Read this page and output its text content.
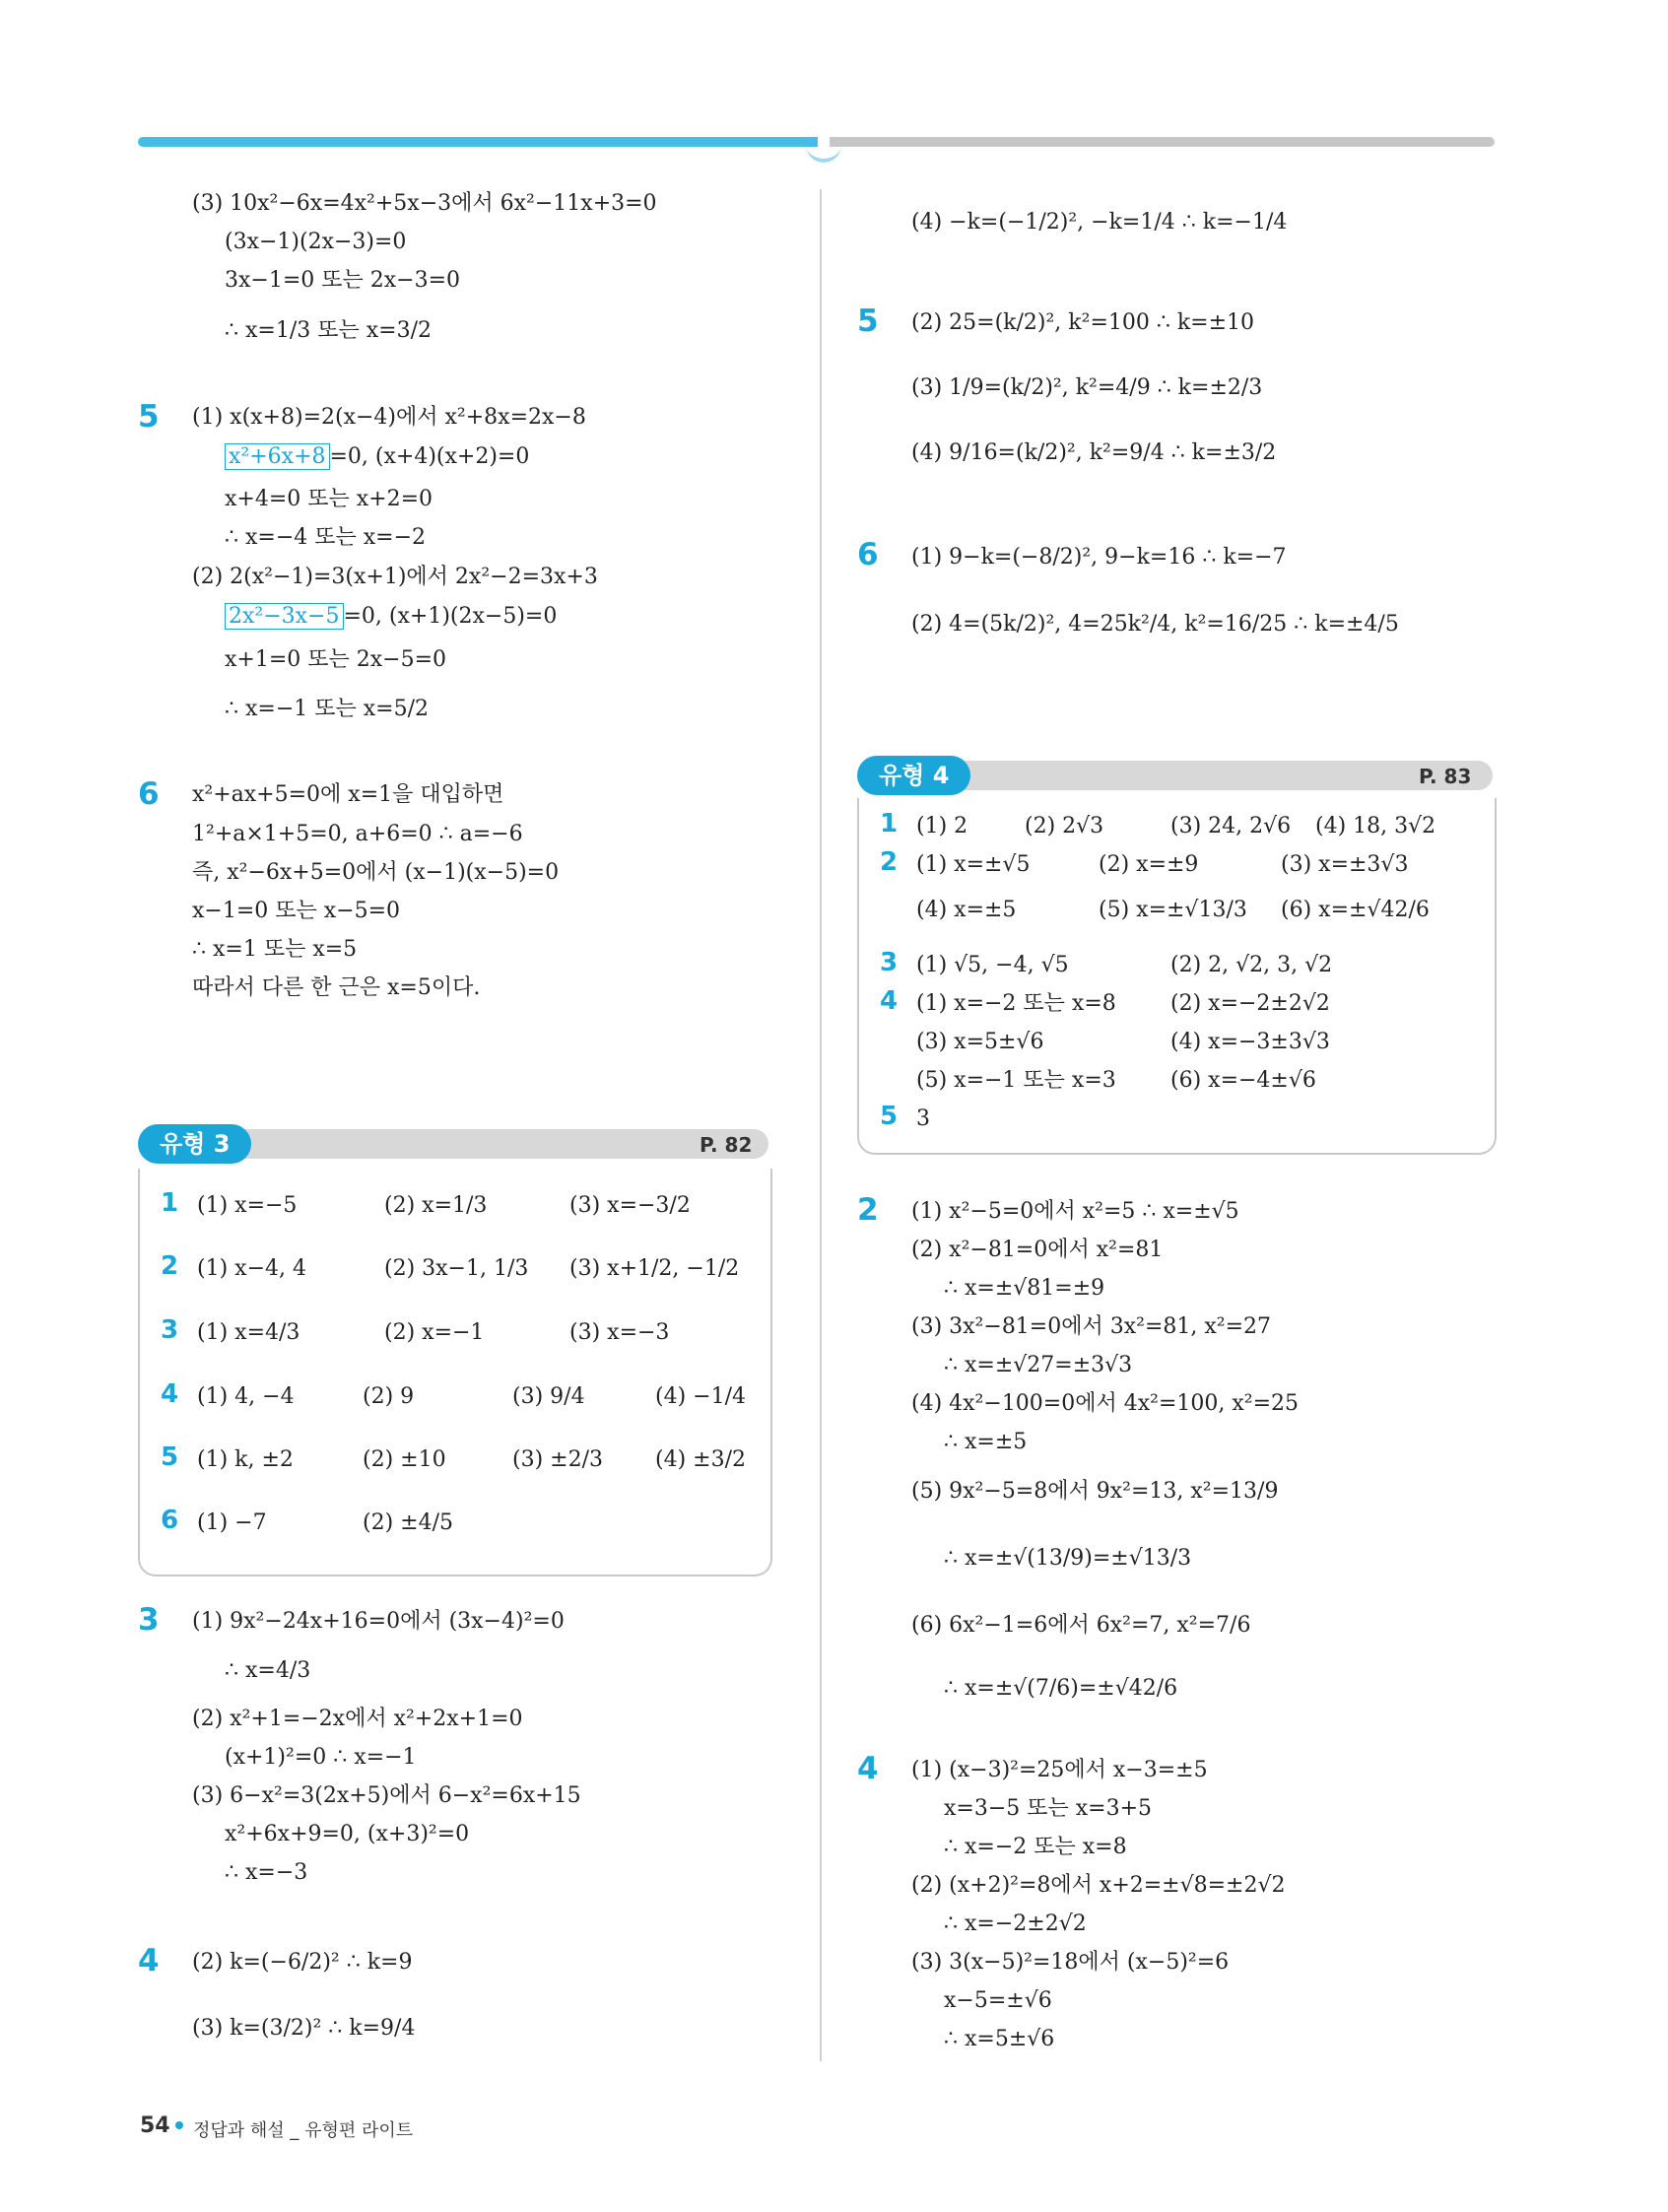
(3) 10x²−6x=4x²+5x−3에서 6x²−11x+3=0
(3x−1)(2x−3)=0
3x−1=0 또는 2x−3=0
∴ x=1/3 또는 x=3/2
5 (1) x(x+8)=2(x−4)에서 x²+8x=2x−8
x²+6x+8 =0, (x+4)(x+2)=0
x+4=0 또는 x+2=0
∴ x=−4 또는 x=−2
(2) 2(x²−1)=3(x+1)에서 2x²−2=3x+3
2x²−3x−5 =0, (x+1)(2x−5)=0
x+1=0 또는 2x−5=0
∴ x=−1 또는 x=5/2
6 x²+ax+5=0에 x=1을 대입하면
1²+a×1+5=0, a+6=0 ∴ a=−6
즉, x²−6x+5=0에서 (x−1)(x−5)=0
x−1=0 또는 x−5=0
∴ x=1 또는 x=5
따라서 다른 한 근은 x=5이다.
유형 3	P. 82
1 (1) x=−5	(2) x=1/3	(3) x=−3/2
2 (1) x−4, 4	(2) 3x−1, 1/3 (3) x+1/2, −1/2
3 (1) x=4/3	(2) x=−1	(3) x=−3
4 (1) 4, −4	(2) 9	(3) 9/4	(4) −1/4
5 (1) k, ±2	(2) ±10	(3) ±2/3 (4) ±3/2
6 (1) −7	(2) ±4/5
3 (1) 9x²−24x+16=0에서 (3x−4)²=0
∴ x=4/3
(2) x²+1=−2x에서 x²+2x+1=0
(x+1)²=0 ∴ x=−1
(3) 6−x²=3(2x+5)에서 6−x²=6x+15
x²+6x+9=0, (x+3)²=0
∴ x=−3
4 (2) k=(−6/2)² ∴ k=9
(3) k=(3/2)² ∴ k=9/4
(4) −k=(−1/2)², −k=1/4 ∴ k=−1/4
5 (2) 25=(k/2)², k²=100 ∴ k=±10
(3) 1/9=(k/2)², k²=4/9 ∴ k=±2/3
(4) 9/16=(k/2)², k²=9/4 ∴ k=±3/2
6 (1) 9−k=(−8/2)², 9−k=16 ∴ k=−7
(2) 4=(5k/2)², 4=25k²/4, k²=16/25 ∴ k=±4/5
유형 4	P. 83
1 (1) 2	(2) 2√3	(3) 24, 2√6 (4) 18, 3√2
2 (1) x=±√5	(2) x=±9	(3) x=±3√3
(4) x=±5	(5) x=±√13/3 (6) x=±√42/6
3 (1) √5, −4, √5	(2) 2, √2, 3, √2
4 (1) x=−2 또는 x=8	(2) x=−2±2√2
(3) x=5±√6	(4) x=−3±3√3
(5) x=−1 또는 x=3	(6) x=−4±√6
5 3
2 (1) x²−5=0에서 x²=5 ∴ x=±√5
(2) x²−81=0에서 x²=81
∴ x=±√81=±9
(3) 3x²−81=0에서 3x²=81, x²=27
∴ x=±√27=±3√3
(4) 4x²−100=0에서 4x²=100, x²=25
∴ x=±5
(5) 9x²−5=8에서 9x²=13, x²=13/9
∴ x=±√(13/9)=±√13/3
(6) 6x²−1=6에서 6x²=7, x²=7/6
∴ x=±√(7/6)=±√42/6
4 (1) (x−3)²=25에서 x−3=±5
x=3−5 또는 x=3+5
∴ x=−2 또는 x=8
(2) (x+2)²=8에서 x+2=±√8=±2√2
∴ x=−2±2√2
(3) 3(x−5)²=18에서 (x−5)²=6
x−5=±√6
∴ x=5±√6
54 정답과 해설 _ 유형편 라이트
